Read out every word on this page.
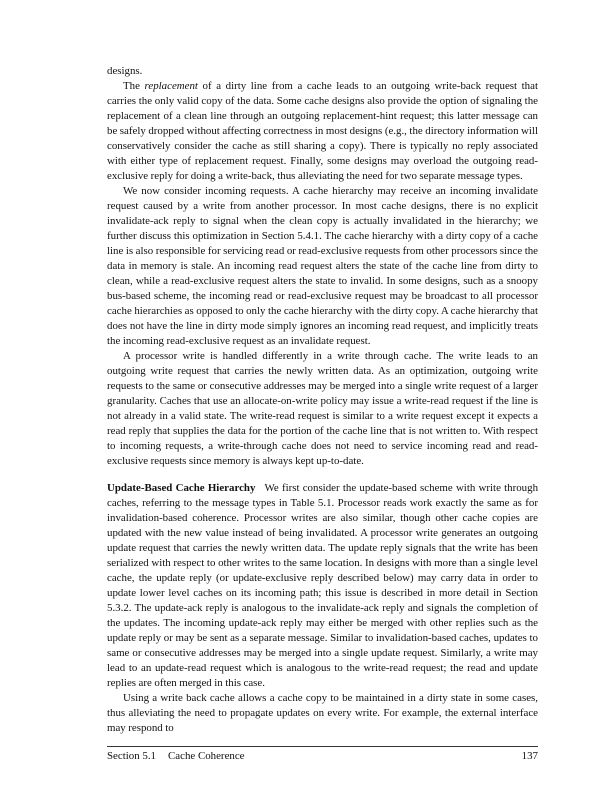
designs.

The replacement of a dirty line from a cache leads to an outgoing write-back request that carries the only valid copy of the data. Some cache designs also provide the option of signaling the replacement of a clean line through an outgoing replacement-hint request; this latter message can be safely dropped without affecting correctness in most designs (e.g., the directory information will conservatively consider the cache as still sharing a copy). There is typically no reply associated with either type of replacement request. Finally, some designs may overload the outgoing read-exclusive reply for doing a write-back, thus alleviating the need for two separate message types.

We now consider incoming requests. A cache hierarchy may receive an incoming invalidate request caused by a write from another processor. In most cache designs, there is no explicit invalidate-ack reply to signal when the clean copy is actually invalidated in the hierarchy; we further discuss this optimization in Section 5.4.1. The cache hierarchy with a dirty copy of a cache line is also responsible for servicing read or read-exclusive requests from other processors since the data in memory is stale. An incoming read request alters the state of the cache line from dirty to clean, while a read-exclusive request alters the state to invalid. In some designs, such as a snoopy bus-based scheme, the incoming read or read-exclusive request may be broadcast to all processor cache hierarchies as opposed to only the cache hierarchy with the dirty copy. A cache hierarchy that does not have the line in dirty mode simply ignores an incoming read request, and implicitly treats the incoming read-exclusive request as an invalidate request.

A processor write is handled differently in a write through cache. The write leads to an outgoing write request that carries the newly written data. As an optimization, outgoing write requests to the same or consecutive addresses may be merged into a single write request of a larger granularity. Caches that use an allocate-on-write policy may issue a write-read request if the line is not already in a valid state. The write-read request is similar to a write request except it expects a read reply that supplies the data for the portion of the cache line that is not written to. With respect to incoming requests, a write-through cache does not need to service incoming read and read-exclusive requests since memory is always kept up-to-date.

Update-Based Cache Hierarchy We first consider the update-based scheme with write through caches, referring to the message types in Table 5.1. Processor reads work exactly the same as for invalidation-based coherence. Processor writes are also similar, though other cache copies are updated with the new value instead of being invalidated. A processor write generates an outgoing update request that carries the newly written data. The update reply signals that the write has been serialized with respect to other writes to the same location. In designs with more than a single level cache, the update reply (or update-exclusive reply described below) may carry data in order to update lower level caches on its incoming path; this issue is described in more detail in Section 5.3.2. The update-ack reply is analogous to the invalidate-ack reply and signals the completion of the updates. The incoming update-ack reply may either be merged with other replies such as the update reply or may be sent as a separate message. Similar to invalidation-based caches, updates to same or consecutive addresses may be merged into a single update request. Similarly, a write may lead to an update-read request which is analogous to the write-read request; the read and update replies are often merged in this case.

Using a write back cache allows a cache copy to be maintained in a dirty state in some cases, thus alleviating the need to propagate updates on every write. For example, the external interface may respond to

Section 5.1 Cache Coherence	137
